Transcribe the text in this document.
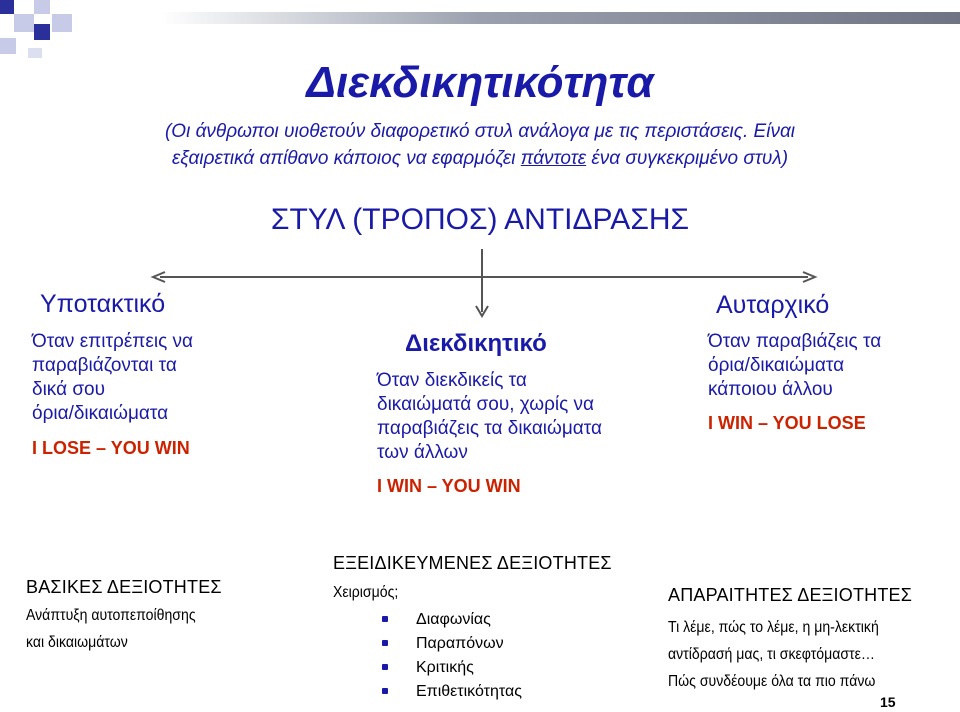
Διεκδικητικότητα
(Οι άνθρωποι υιοθετούν διαφορετικό στυλ ανάλογα με τις περιστάσεις. Είναι
εξαιρετικά απίθανο κάποιος να εφαρμόζει πάντοτε ένα συγκεκριμένο στυλ)
ΣΤΥΛ (ΤΡΟΠΟΣ) ΑΝΤΙΔΡΑΣΗΣ
Υποτακτικό
Όταν επιτρέπεις να
παραβιάζονται τα
δικά σου
όρια/δικαιώματα
I LOSE – YOU WIN
Διεκδικητικό
Όταν διεκδικείς τα
δικαιώματά σου, χωρίς να
παραβιάζεις τα δικαιώματα
των άλλων
I WIN – YOU WIN
Αυταρχικό
Όταν παραβιάζεις τα
όρια/δικαιώματα
κάποιου άλλου
I WIN – YOU LOSE
ΒΑΣΙΚΕΣ ΔΕΞΙΟΤΗΤΕΣ
Ανάπτυξη αυτοπεποίθησης
και δικαιωμάτων
ΕΞΕΙΔΙΚΕΥΜΕΝΕΣ ΔΕΞΙΟΤΗΤΕΣ
Χειρισμός;
Διαφωνίας
Παραπόνων
Κριτικής
Επιθετικότητας
ΑΠΑΡΑΙΤΗΤΕΣ ΔΕΞΙΟΤΗΤΕΣ
Τι λέμε, πώς το λέμε, η μη-λεκτική
αντίδρασή μας, τι σκεφτόμαστε…
Πώς συνδέουμε όλα τα πιο πάνω
15
